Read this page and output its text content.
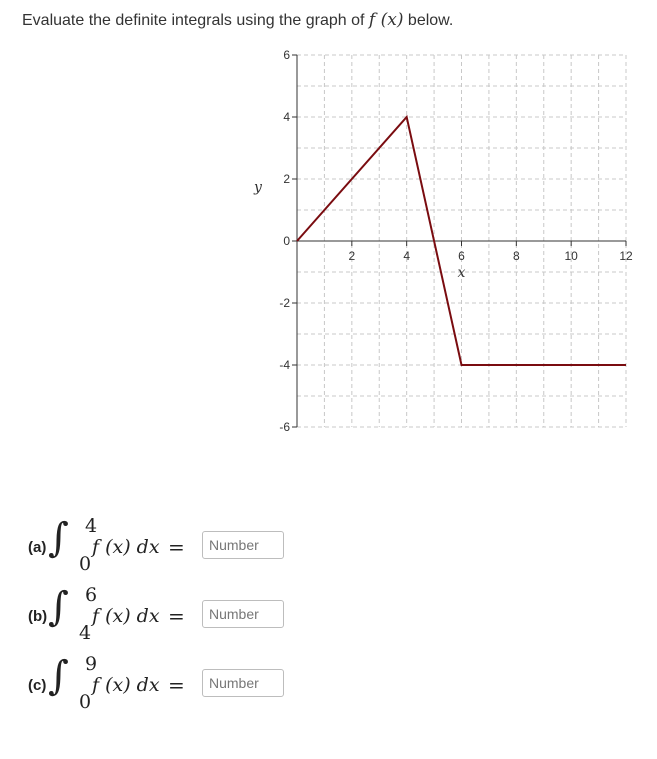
Evaluate the definite integrals using the graph of f (x) below.
6
4
2
0
-2
-4
-6
2	4	6	8	10	12
x
y
(a) ∫ 4
0
f (x) dx =
Number
(b) ∫ 6
4
f (x) dx =
Number
(c) ∫ 9
0
f (x) dx =
Number
